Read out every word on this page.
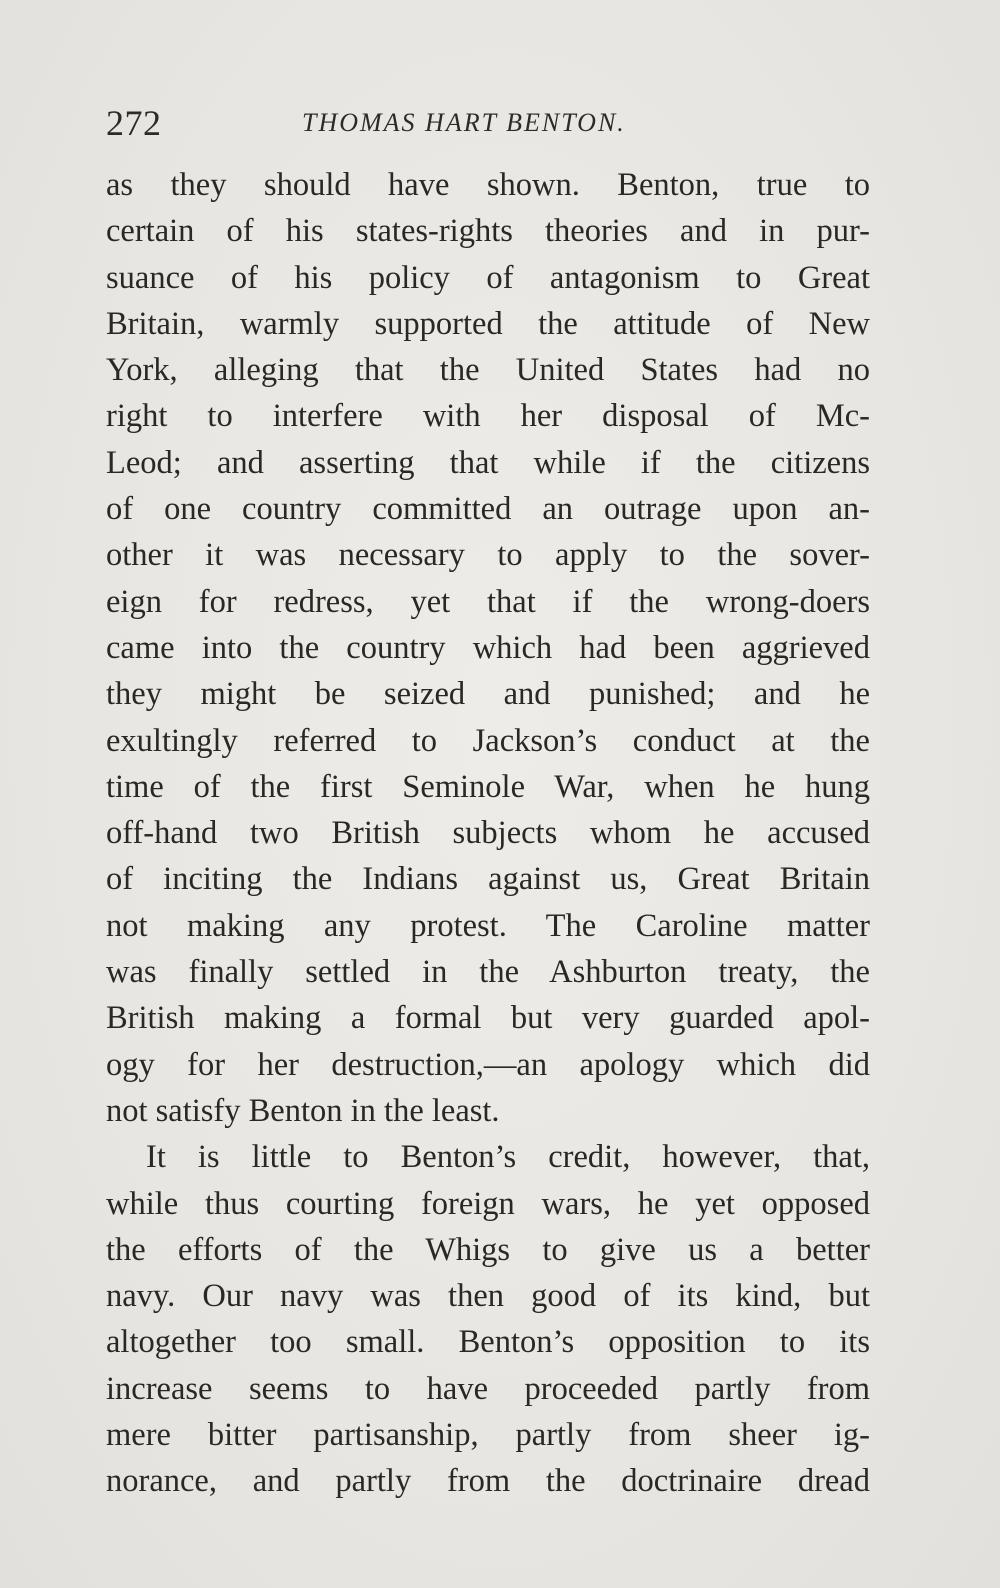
272	THOMAS HART BENTON.
as they should have shown. Benton, true to
certain of his states-rights theories and in pur-
suance of his policy of antagonism to Great
Britain, warmly supported the attitude of New
York, alleging that the United States had no
right to interfere with her disposal of Mc-
Leod; and asserting that while if the citizens
of one country committed an outrage upon an-
other it was necessary to apply to the sover-
eign for redress, yet that if the wrong-doers
came into the country which had been aggrieved
they might be seized and punished; and he
exultingly referred to Jackson’s conduct at the
time of the first Seminole War, when he hung
off-hand two British subjects whom he accused
of inciting the Indians against us, Great Britain
not making any protest. The Caroline matter
was finally settled in the Ashburton treaty, the
British making a formal but very guarded apol-
ogy for her destruction,—an apology which did
not satisfy Benton in the least.
It is little to Benton’s credit, however, that,
while thus courting foreign wars, he yet opposed
the efforts of the Whigs to give us a better
navy. Our navy was then good of its kind, but
altogether too small. Benton’s opposition to its
increase seems to have proceeded partly from
mere bitter partisanship, partly from sheer ig-
norance, and partly from the doctrinaire dread
